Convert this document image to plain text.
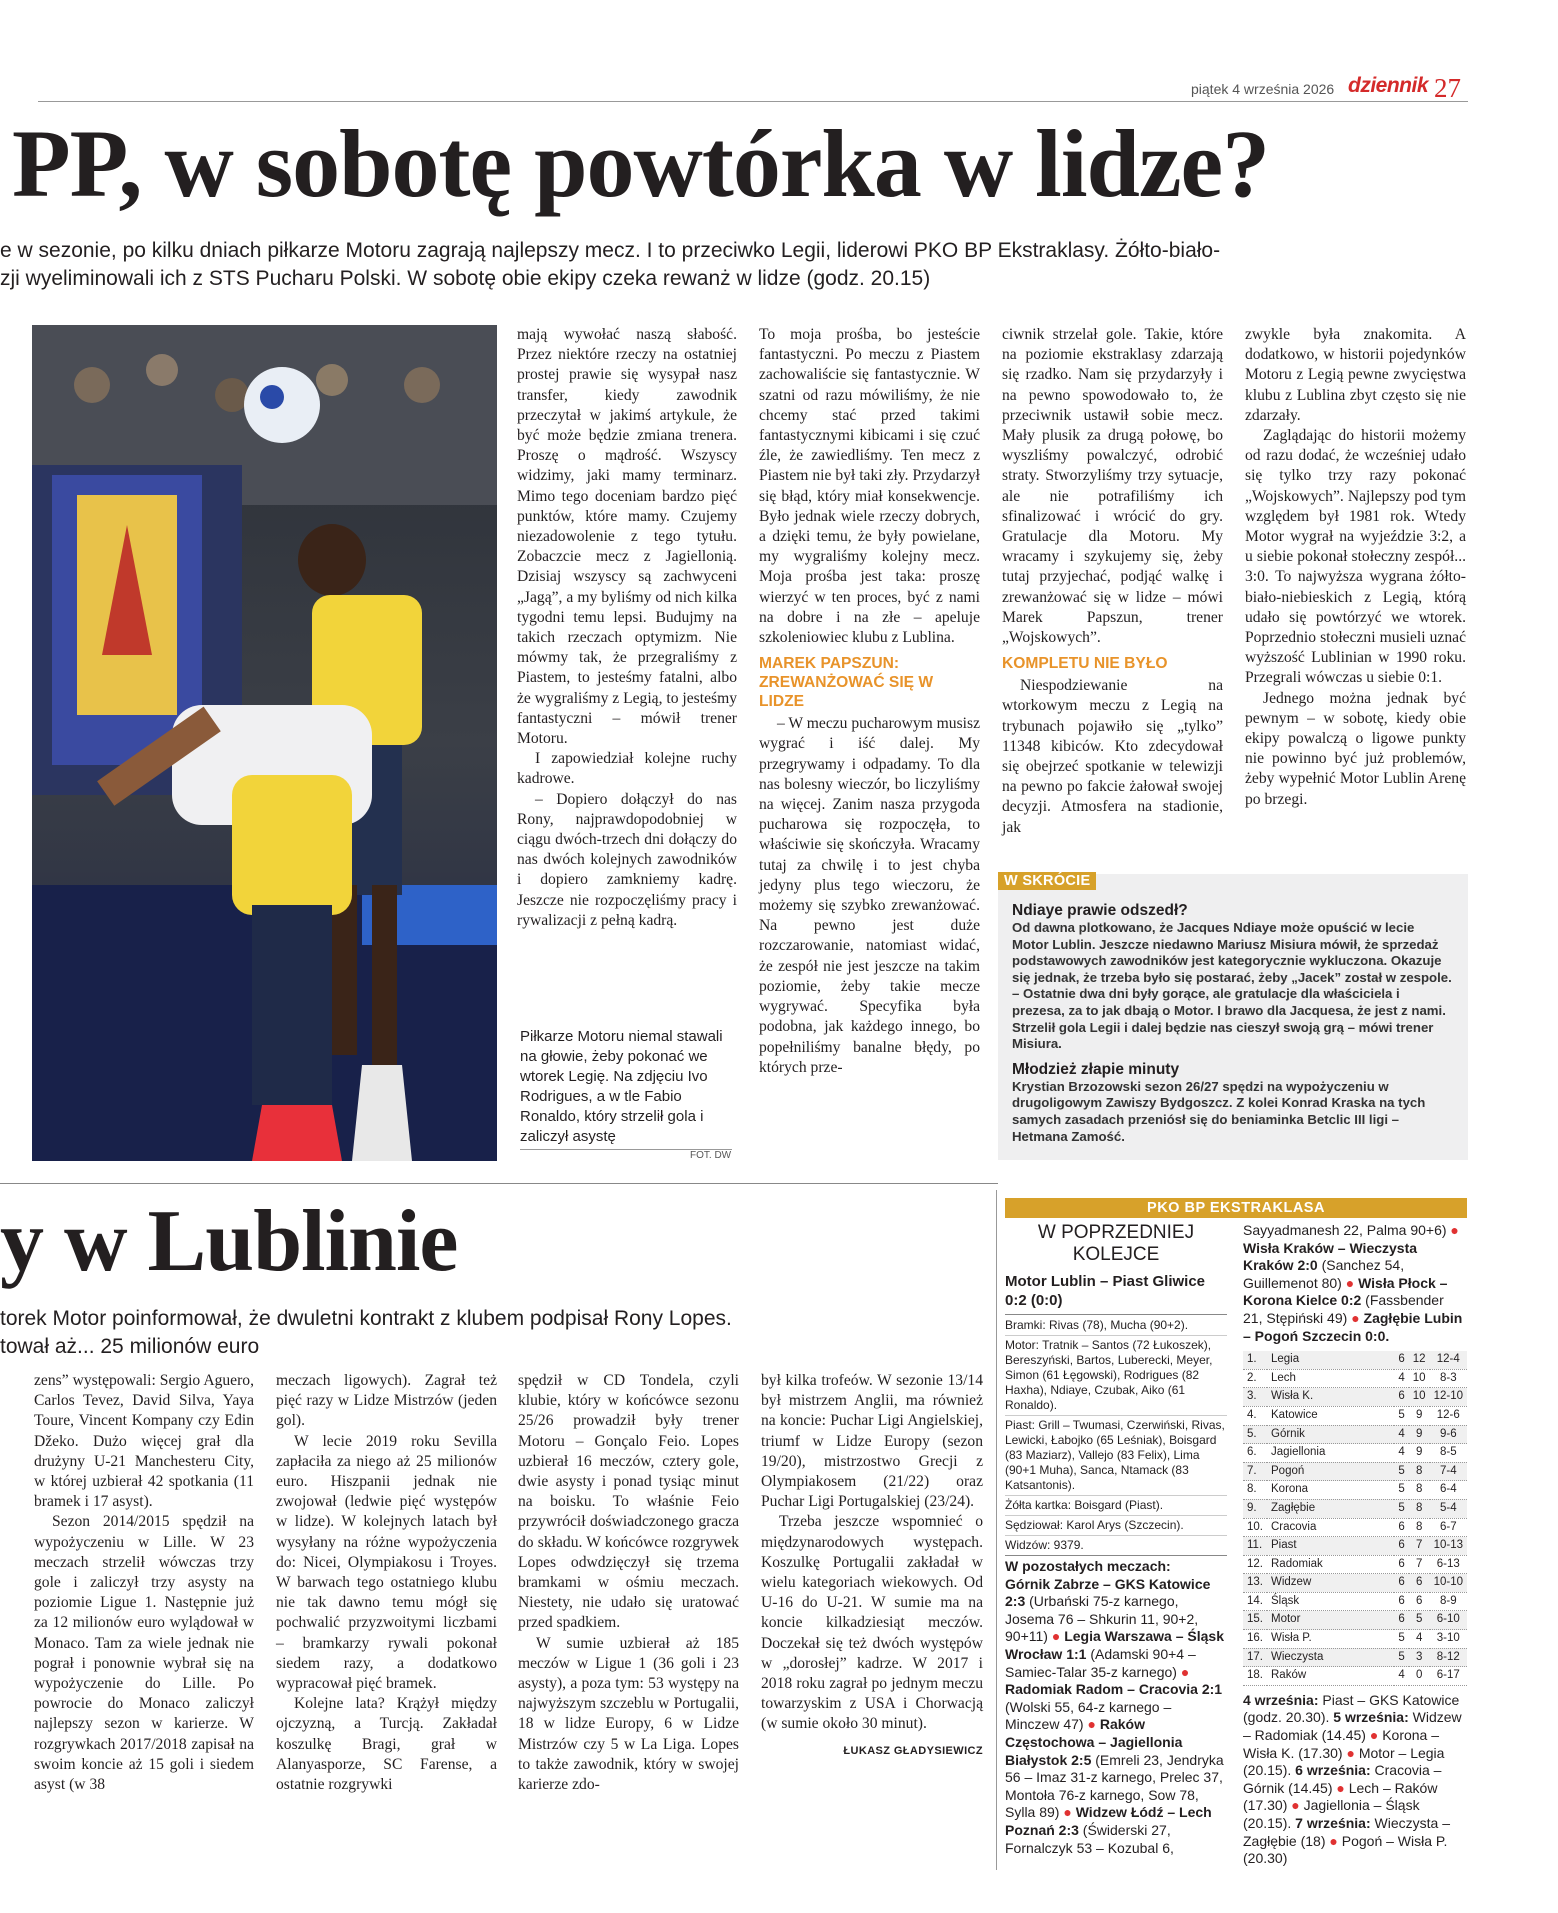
piątek 4 września 2026 dziennik 27
PP, w sobotę powtórka w lidze?
e w sezonie, po kilku dniach piłkarze Motoru zagrają najlepszy mecz. I to przeciwko Legii, liderowi PKO BP Ekstraklasy. Żółto-biało-
zji wyeliminowali ich z STS Pucharu Polski. W sobotę obie ekipy czeka rewanż w lidze (godz. 20.15)
Piłkarze Motoru niemal stawali na głowie, żeby pokonać we wtorek Legię. Na zdjęciu Ivo Rodrigues, a w tle Fabio Ronaldo, który strzelił gola i zaliczył asystę
FOT. DW

mają wywołać naszą słabość. Przez niektóre rzeczy na ostatniej prostej prawie się wysypał nasz transfer, kiedy zawodnik przeczytał w jakimś artykule, że być może będzie zmiana trenera. Proszę o mądrość. Wszyscy widzimy, jaki mamy terminarz. Mimo tego doceniam bardzo pięć punktów, które mamy. Czujemy niezadowolenie z tego tytułu. Zobaczcie mecz z Jagiellonią. Dzisiaj wszyscy są zachwyceni „Jagą”, a my byliśmy od nich kilka tygodni temu lepsi. Budujmy na takich rzeczach optymizm. Nie mówmy tak, że przegraliśmy z Piastem, to jesteśmy fatalni, albo że wygraliśmy z Legią, to jesteśmy fantastyczni – mówił trener Motoru.

I zapowiedział kolejne ruchy kadrowe.

– Dopiero dołączył do nas Rony, najprawdopodobniej w ciągu dwóch-trzech dni dołączy do nas dwóch kolejnych zawodników i dopiero zamkniemy kadrę. Jeszcze nie rozpoczęliśmy pracy i rywalizacji z pełną kadrą.

To moja prośba, bo jesteście fantastyczni. Po meczu z Piastem zachowaliście się fantastycznie. W szatni od razu mówiliśmy, że nie chcemy stać przed takimi fantastycznymi kibicami i się czuć źle, że zawiedliśmy. Ten mecz z Piastem nie był taki zły. Przydarzył się błąd, który miał konsekwencje. Było jednak wiele rzeczy dobrych, a dzięki temu, że były powielane, my wygraliśmy kolejny mecz. Moja prośba jest taka: proszę wierzyć w ten proces, być z nami na dobre i na złe – apeluje szkoleniowiec klubu z Lublina.

MAREK PAPSZUN: ZREWANŻOWAĆ SIĘ W LIDZE

– W meczu pucharowym musisz wygrać i iść dalej. My przegrywamy i odpadamy. To dla nas bolesny wieczór, bo liczyliśmy na więcej. Zanim nasza przygoda pucharowa się rozpoczęła, to właściwie się skończyła. Wracamy tutaj za chwilę i to jest chyba jedyny plus tego wieczoru, że możemy się szybko zrewanżować. Na pewno jest duże rozczarowanie, natomiast widać, że zespół nie jest jeszcze na takim poziomie, żeby takie mecze wygrywać. Specyfika była podobna, jak każdego innego, bo popełniliśmy banalne błędy, po których prze-

ciwnik strzelał gole. Takie, które na poziomie ekstraklasy zdarzają się rzadko. Nam się przydarzyły i na pewno spowodowało to, że przeciwnik ustawił sobie mecz. Mały plusik za drugą połowę, bo wyszliśmy powalczyć, odrobić straty. Stworzyliśmy trzy sytuacje, ale nie potrafiliśmy ich sfinalizować i wrócić do gry. Gratulacje dla Motoru. My wracamy i szykujemy się, żeby tutaj przyjechać, podjąć walkę i zrewanżować się w lidze – mówi Marek Papszun, trener „Wojskowych”.

KOMPLETU NIE BYŁO

Niespodziewanie na wtorkowym meczu z Legią na trybunach pojawiło się „tylko” 11348 kibiców. Kto zdecydował się obejrzeć spotkanie w telewizji na pewno po fakcie żałował swojej decyzji. Atmosfera na stadionie, jak

zwykle była znakomita. A dodatkowo, w historii pojedynków Motoru z Legią pewne zwycięstwa klubu z Lublina zbyt często się nie zdarzały.

Zaglądając do historii możemy od razu dodać, że wcześniej udało się tylko trzy razy pokonać „Wojskowych”. Najlepszy pod tym względem był 1981 rok. Wtedy Motor wygrał na wyjeździe 3:2, a u siebie pokonał stołeczny zespół... 3:0. To najwyższa wygrana żółto-biało-niebieskich z Legią, którą udało się powtórzyć we wtorek. Poprzednio stołeczni musieli uznać wyższość Lublinian w 1990 roku. Przegrali wówczas u siebie 0:1.

Jednego można jednak być pewnym – w sobotę, kiedy obie ekipy powalczą o ligowe punkty nie powinno być już problemów, żeby wypełnić Motor Lublin Arenę po brzegi.

W SKRÓCIE
Ndiaye prawie odszedł?

Od dawna plotkowano, że Jacques Ndiaye może opuścić w lecie Motor Lublin. Jeszcze niedawno Mariusz Misiura mówił, że sprzedaż podstawowych zawodników jest kategorycznie wykluczona. Okazuje się jednak, że trzeba było się postarać, żeby „Jacek” został w zespole. – Ostatnie dwa dni były gorące, ale gratulacje dla właściciela i prezesa, za to jak dbają o Motor. I brawo dla Jacquesa, że jest z nami. Strzelił gola Legii i dalej będzie nas cieszył swoją grą – mówi trener Misiura.

Młodzież złapie minuty

Krystian Brzozowski sezon 26/27 spędzi na wypożyczeniu w drugoligowym Zawiszy Bydgoszcz. Z kolei Konrad Kraska na tych samych zasadach przeniósł się do beniaminka Betclic III ligi – Hetmana Zamość.

y w Lublinie
torek Motor poinformował, że dwuletni kontrakt z klubem podpisał Rony Lopes.
tował aż... 25 milionów euro

zens” występowali: Sergio Aguero, Carlos Tevez, David Silva, Yaya Toure, Vincent Kompany czy Edin Džeko. Dużo więcej grał dla drużyny U-21 Manchesteru City, w której uzbierał 42 spotkania (11 bramek i 17 asyst).

Sezon 2014/2015 spędził na wypożyczeniu w Lille. W 23 meczach strzelił wówczas trzy gole i zaliczył trzy asysty na poziomie Ligue 1. Następnie już za 12 milionów euro wylądował w Monaco. Tam za wiele jednak nie pograł i ponownie wybrał się na wypożyczenie do Lille. Po powrocie do Monaco zaliczył najlepszy sezon w karierze. W rozgrywkach 2017/2018 zapisał na swoim koncie aż 15 goli i siedem asyst (w 38

meczach ligowych). Zagrał też pięć razy w Lidze Mistrzów (jeden gol).

W lecie 2019 roku Sevilla zapłaciła za niego aż 25 milionów euro. Hiszpanii jednak nie zwojował (ledwie pięć występów w lidze). W kolejnych latach był wysyłany na różne wypożyczenia do: Nicei, Olympiakosu i Troyes. W barwach tego ostatniego klubu nie tak dawno temu mógł się pochwalić przyzwoitymi liczbami – bramkarzy rywali pokonał siedem razy, a dodatkowo wypracował pięć bramek.

Kolejne lata? Krążył między ojczyzną, a Turcją. Zakładał koszulkę Bragi, grał w Alanyasporze, SC Farense, a ostatnie rozgrywki

spędził w CD Tondela, czyli klubie, który w końcówce sezonu 25/26 prowadził były trener Motoru – Gonçalo Feio. Lopes uzbierał 16 meczów, cztery gole, dwie asysty i ponad tysiąc minut na boisku. To właśnie Feio przywrócił doświadczonego gracza do składu. W końcówce rozgrywek Lopes odwdzięczył się trzema bramkami w ośmiu meczach. Niestety, nie udało się uratować przed spadkiem.

W sumie uzbierał aż 185 meczów w Ligue 1 (36 goli i 23 asysty), a poza tym: 53 występy na najwyższym szczeblu w Portugalii, 18 w lidze Europy, 6 w Lidze Mistrzów czy 5 w La Liga. Lopes to także zawodnik, który w swojej karierze zdo-

był kilka trofeów. W sezonie 13/14 był mistrzem Anglii, ma również na koncie: Puchar Ligi Angielskiej, triumf w Lidze Europy (sezon 19/20), mistrzostwo Grecji z Olympiakosem (21/22) oraz Puchar Ligi Portugalskiej (23/24).

Trzeba jeszcze wspomnieć o międzynarodowych występach. Koszulkę Portugalii zakładał w wielu kategoriach wiekowych. Od U-16 do U-21. W sumie ma na koncie kilkadziesiąt meczów. Doczekał się też dwóch występów w „dorosłej” kadrze. W 2017 i 2018 roku zagrał po jednym meczu towarzyskim z USA i Chorwacją (w sumie około 30 minut).

ŁUKASZ GŁADYSIEWICZ
PKO BP EKSTRAKLASA
W POPRZEDNIEJ
KOLEJCE
Motor Lublin – Piast Gliwice 0:2 (0:0)
Bramki: Rivas (78), Mucha (90+2).
Motor: Tratnik – Santos (72 Łukoszek), Bereszyński, Bartos, Luberecki, Meyer, Simon (61 Łęgowski), Rodrigues (82 Haxha), Ndiaye, Czubak, Aiko (61 Ronaldo).
Piast: Grill – Twumasi, Czerwiński, Rivas, Lewicki, Łabojko (65 Leśniak), Boisgard (83 Maziarz), Vallejo (83 Felix), Lima (90+1 Muha), Sanca, Ntamack (83 Katsantonis).
Żółta kartka: Boisgard (Piast).
Sędziował: Karol Arys (Szczecin).
Widzów: 9379.
W pozostałych meczach:
Górnik Zabrze – GKS Katowice 2:3 (Urbański 75-z karnego, Josema 76 – Shkurin 11, 90+2, 90+11) ● Legia Warszawa – Śląsk Wrocław 1:1 (Adamski 90+4 – Samiec-Talar 35-z karnego) ● Radomiak Radom – Cracovia 2:1 (Wolski 55, 64-z karnego – Minczew 47) ● Raków Częstochowa – Jagiellonia Białystok 2:5 (Emreli 23, Jendryka 56 – Imaz 31-z karnego, Prelec 37, Montoła 76-z karnego, Sow 78, Sylla 89) ● Widzew Łódź – Lech Poznań 2:3 (Świderski 27, Fornalczyk 53 – Kozubal 6,
Sayyadmanesh 22, Palma 90+6) ● Wisła Kraków – Wieczysta Kraków 2:0 (Sanchez 54, Guillemenot 80) ● Wisła Płock – Korona Kielce 0:2 (Fassbender 21, Stępiński 49) ● Zagłębie Lubin – Pogoń Szczecin 0:0.
1.	Legia	6	12	12-4
2.	Lech	4	10	8-3
3.	Wisła K.	6	10	12-10
4.	Katowice	5	9	12-6
5.	Górnik	4	9	9-6
6.	Jagiellonia	4	9	8-5
7.	Pogoń	5	8	7-4
8.	Korona	5	8	6-4
9.	Zagłębie	5	8	5-4
10.	Cracovia	6	8	6-7
11.	Piast	6	7	10-13
12.	Radomiak	6	7	6-13
13.	Widzew	6	6	10-10
14.	Śląsk	6	6	8-9
15.	Motor	6	5	6-10
16.	Wisła P.	5	4	3-10
17.	Wieczysta	5	3	8-12
18.	Raków	4	0	6-17
4 września: Piast – GKS Katowice (godz. 20.30). 5 września: Widzew – Radomiak (14.45) ● Korona – Wisła K. (17.30) ● Motor – Legia (20.15). 6 września: Cracovia – Górnik (14.45) ● Lech – Raków (17.30) ● Jagiellonia – Śląsk (20.15). 7 września: Wieczysta – Zagłębie (18) ● Pogoń – Wisła P. (20.30)
